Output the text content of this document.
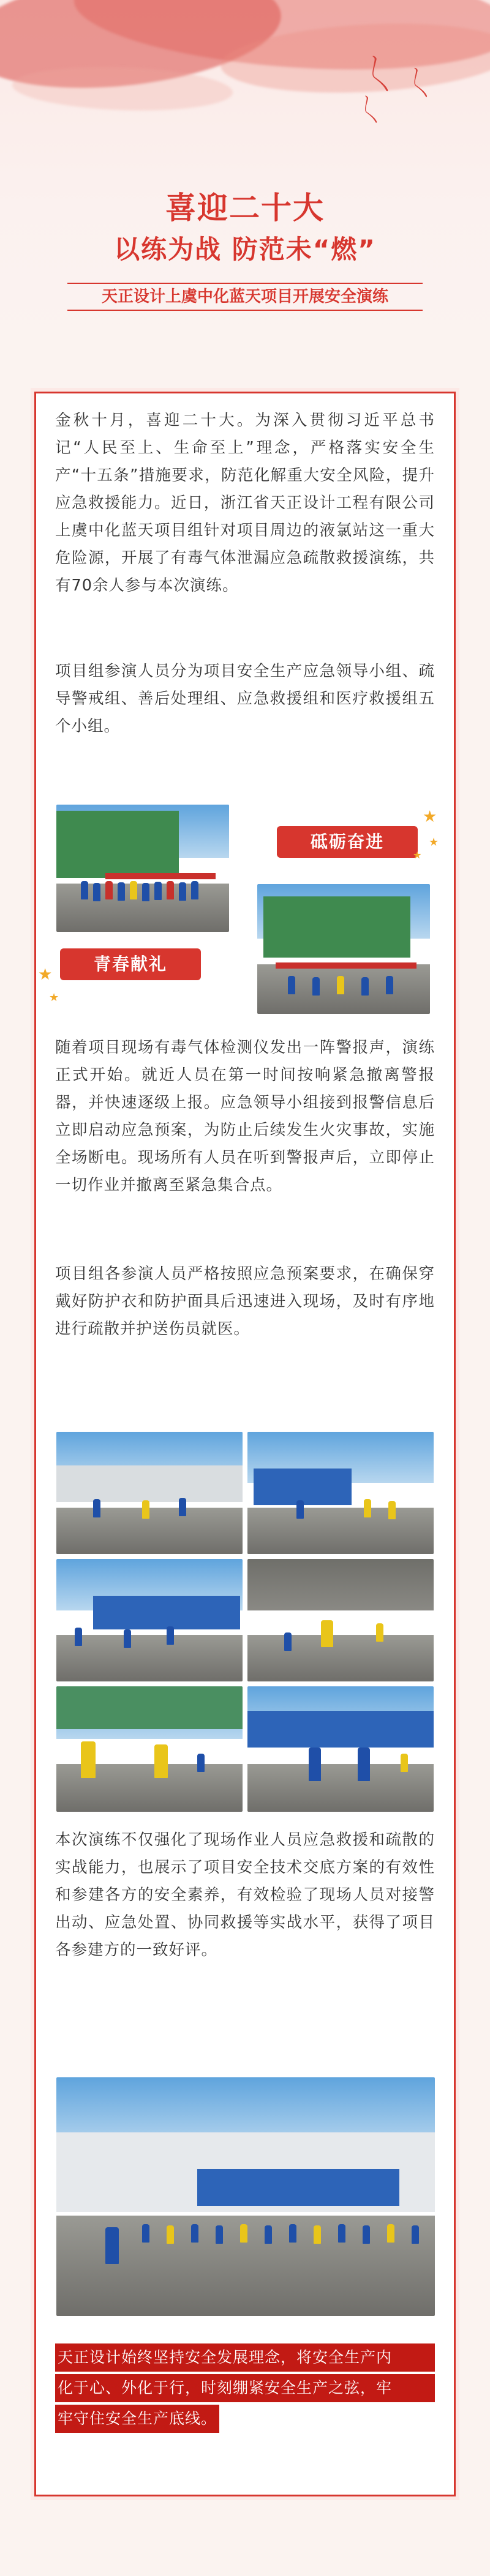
〱 〱
〱
喜迎二十大
以练为战 防范未“燃”
天正设计上虞中化蓝天项目开展安全演练
金秋十月，喜迎二十大。为深入贯彻习近平总书记“人民至上、生命至上”理念，严格落实安全生产“十五条”措施要求，防范化解重大安全风险，提升应急救援能力。近日，浙江省天正设计工程有限公司上虞中化蓝天项目组针对项目周边的液氯站这一重大危险源，开展了有毒气体泄漏应急疏散救援演练，共有70余人参与本次演练。
项目组参演人员分为项目安全生产应急领导小组、疏导警戒组、善后处理组、应急救援组和医疗救援组五个小组。
砥砺奋进
★
★
★
青春献礼
★
★
随着项目现场有毒气体检测仪发出一阵警报声，演练正式开始。就近人员在第一时间按响紧急撤离警报器，并快速逐级上报。应急领导小组接到报警信息后立即启动应急预案，为防止后续发生火灾事故，实施全场断电。现场所有人员在听到警报声后，立即停止一切作业并撤离至紧急集合点。
项目组各参演人员严格按照应急预案要求，在确保穿戴好防护衣和防护面具后迅速进入现场，及时有序地进行疏散并护送伤员就医。
本次演练不仅强化了现场作业人员应急救援和疏散的实战能力，也展示了项目安全技术交底方案的有效性和参建各方的安全素养，有效检验了现场人员对接警出动、应急处置、协同救援等实战水平，获得了项目各参建方的一致好评。
天正设计始终坚持安全发展理念，将安全生产内
化于心、外化于行，时刻绷紧安全生产之弦，牢
牢守住安全生产底线。
